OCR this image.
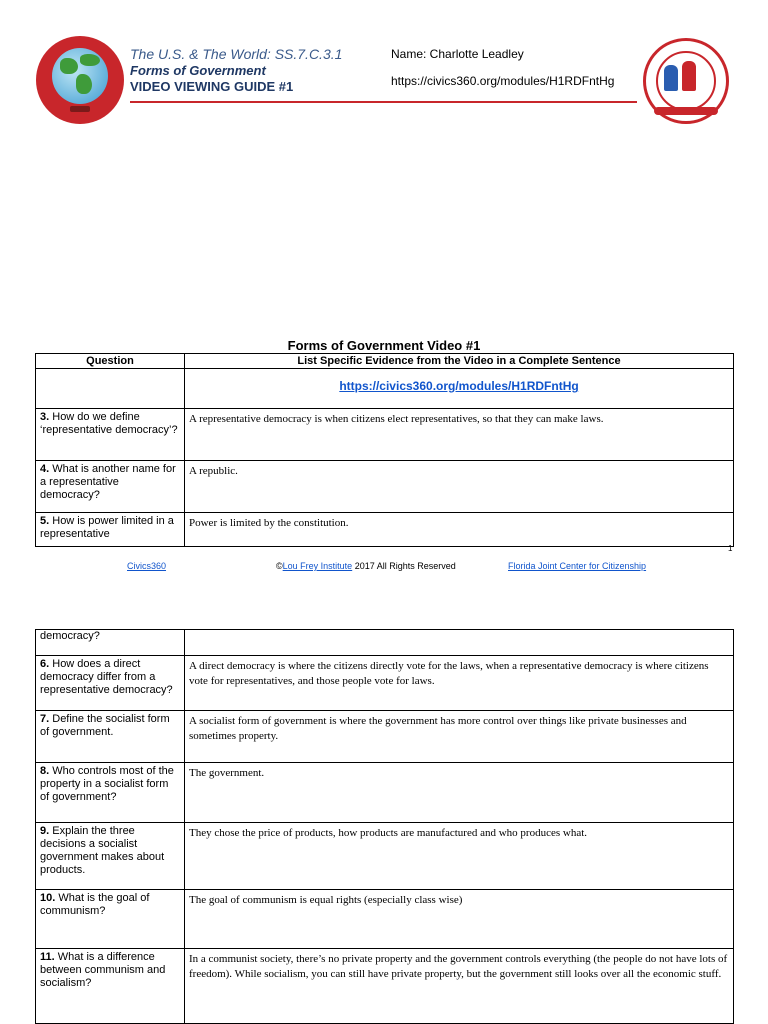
The U.S. & The World: SS.7.C.3.1
Forms of Government
VIDEO VIEWING GUIDE #1
Name: Charlotte Leadley
https://civics360.org/modules/H1RDFntHg
Forms of Government Video #1
Question	List Specific Evidence from the Video in a Complete Sentence
	https://civics360.org/modules/H1RDFntHg
3. How do we define ‘representative democracy’?	A representative democracy is when citizens elect representatives, so that they can make laws.
4. What is another name for a representative democracy?	A republic.
5. How is power limited in a representative	Power is limited by the constitution.
1
Civics360	©Lou Frey Institute 2017 All Rights Reserved	Florida Joint Center for Citizenship
democracy?	
6. How does a direct democracy differ from a representative democracy?	A direct democracy is where the citizens directly vote for the laws, when a representative democracy is where citizens vote for representatives, and those people vote for laws.
7. Define the socialist form of government.	A socialist form of government is where the government has more control over things like private businesses and sometimes property.
8. Who controls most of the property in a socialist form of government?	The government.
9. Explain the three decisions a socialist government makes about products.	They chose the price of products, how products are manufactured and who produces what.
10. What is the goal of communism?	The goal of communism is equal rights (especially class wise)
11. What is a difference between communism and socialism?	In a communist society, there’s no private property and the government controls everything (the people do not have lots of freedom). While socialism, you can still have private property, but the government still looks over all the economic stuff.
